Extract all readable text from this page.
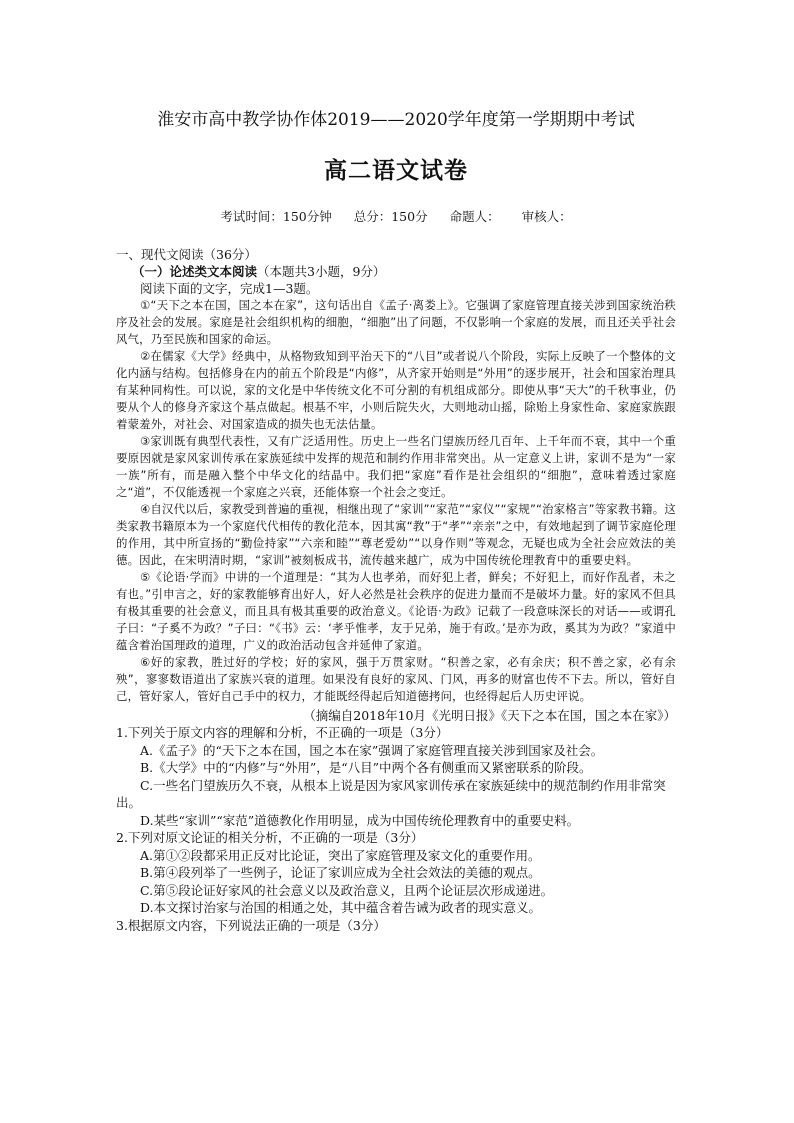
淮安市高中教学协作体2019——2020学年度第一学期期中考试
高二语文试卷
考试时间：150分钟 总分：150分 命题人： 审核人：
一、现代文阅读（36分）
（一）论述类文本阅读（本题共3小题，9分）
阅读下面的文字，完成1—3题。

①“天下之本在国，国之本在家”，这句话出自《孟子·离娄上》。它强调了家庭管理直接关涉到国家统治秩序及社会的发展。家庭是社会组织机构的细胞，“细胞”出了问题，不仅影响一个家庭的发展，而且还关乎社会风气，乃至民族和国家的命运。

②在儒家《大学》经典中，从格物致知到平治天下的“八目”或者说八个阶段，实际上反映了一个整体的文化内涵与结构。包括修身在内的前五个阶段是“内修”，从齐家开始则是“外用”的逐步展开，社会和国家治理具有某种同构性。可以说，家的文化是中华传统文化不可分割的有机组成部分。即使从事“天大”的千秋事业，仍要从个人的修身齐家这个基点做起。根基不牢，小则后院失火，大则地动山摇，除贻上身家性命、家庭家族跟着蒙羞外，对社会、对国家造成的损失也无法估量。

③家训既有典型代表性，又有广泛适用性。历史上一些名门望族历经几百年、上千年而不衰，其中一个重要原因就是家风家训传承在家族延续中发挥的规范和制约作用非常突出。从一定意义上讲，家训不是为“一家一族”所有，而是融入整个中华文化的结晶中。我们把“家庭”看作是社会组织的“细胞”，意味着透过家庭之“道”，不仅能透视一个家庭之兴衰，还能体察一个社会之变迁。

④自汉代以后，家教受到普遍的重视，相继出现了“家训”“家范”“家仪”“家规”“治家格言”等家教书籍。这类家教书籍原本为一个家庭代代相传的教化范本，因其寓“教”于“孝”“亲亲”之中，有效地起到了调节家庭伦理的作用，其中所宣扬的“勤俭持家”“六亲和睦”“尊老爱幼”“以身作则”等观念，无疑也成为全社会应效法的美德。因此，在宋明清时期，“家训”被刻板成书，流传越来越广，成为中国传统伦理教育中的重要史料。

⑤《论语·学而》中讲的一个道理是：“其为人也孝弟，而好犯上者，鲜矣；不好犯上，而好作乱者，未之有也。”引申言之，好的家教能够育出好人，好人必然是社会秩序的促进力量而不是破坏力量。好的家风不但具有极其重要的社会意义，而且具有极其重要的政治意义。《论语·为政》记载了一段意味深长的对话——或谓孔子曰：“子奚不为政？”子曰：“《书》云：‘孝乎惟孝，友于兄弟，施于有政。’是亦为政，奚其为为政？”家道中蕴含着治国理政的道理，广义的政治活动包含并延伸了家道。

⑥好的家教，胜过好的学校；好的家风，强于万贯家财。“积善之家，必有余庆；积不善之家，必有余殃”，寥寥数语道出了家族兴衰的道理。如果没有良好的家风、门风，再多的财富也传不下去。所以，管好自己，管好家人，管好自己手中的权力，才能既经得起后知道德拷问，也经得起后人历史评说。

（摘编自2018年10月《光明日报》《天下之本在国，国之本在家》）
1.下列关于原文内容的理解和分析，不正确的一项是（3分）
A.《孟子》的“天下之本在国，国之本在家”强调了家庭管理直接关涉到国家及社会。
B.《大学》中的“内修”与“外用”，是“八目”中两个各有侧重而又紧密联系的阶段。
C.一些名门望族历久不衰，从根本上说是因为家风家训传承在家族延续中的规范制约作用非常突出。
D.某些“家训”“家范”道德教化作用明显，成为中国传统伦理教育中的重要史料。
2.下列对原文论证的相关分析，不正确的一项是（3分）
A.第①②段都采用正反对比论证，突出了家庭管理及家文化的重要作用。
B.第④段列举了一些例子，论证了家训应成为全社会效法的美德的观点。
C.第⑤段论证好家风的社会意义以及政治意义，且两个论证层次形成递进。
D.本文探讨治家与治国的相通之处，其中蕴含着告诫为政者的现实意义。
3.根据原文内容，下列说法正确的一项是（3分）
